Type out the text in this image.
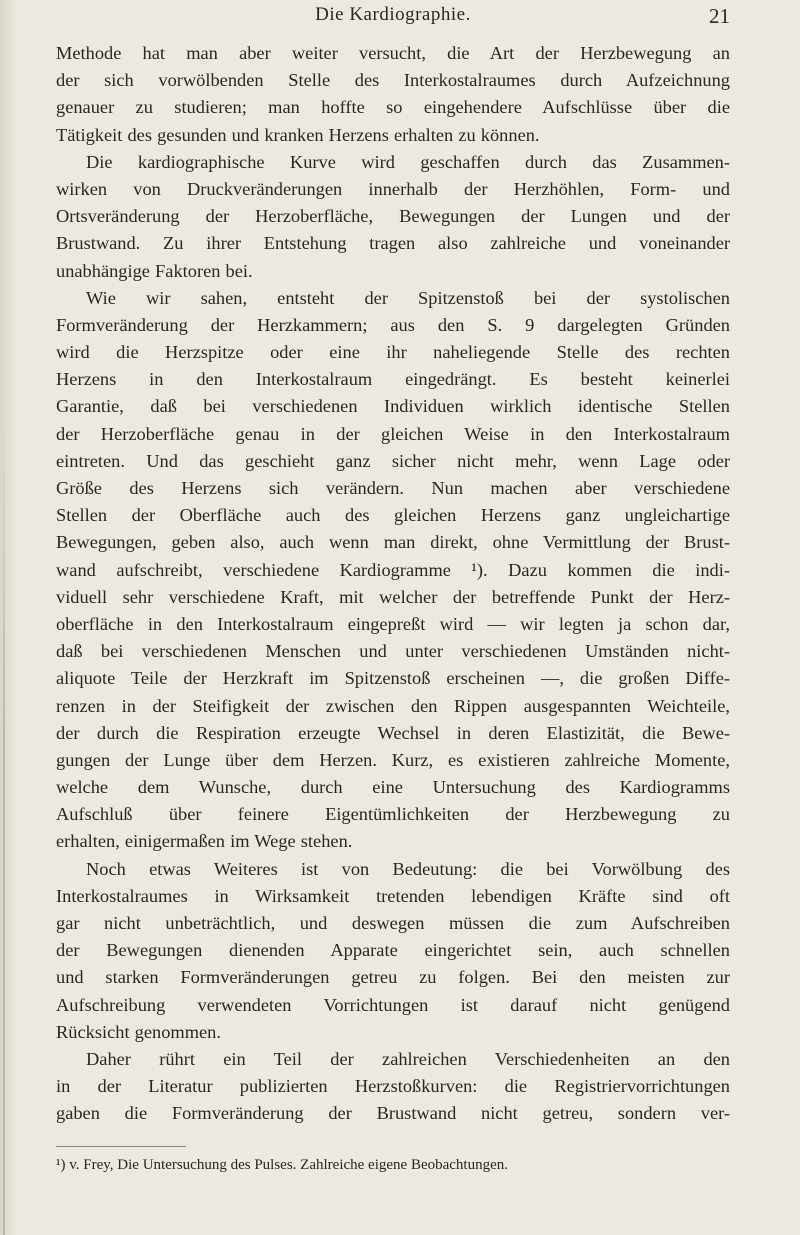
Die Kardiographie.	21
Methode hat man aber weiter versucht, die Art der Herzbewegung an
der sich vorwölbenden Stelle des Interkostalraumes durch Aufzeichnung
genauer zu studieren; man hoffte so eingehendere Aufschlüsse über die
Tätigkeit des gesunden und kranken Herzens erhalten zu können.
Die kardiographische Kurve wird geschaffen durch das Zusammen-
wirken von Druckveränderungen innerhalb der Herzhöhlen, Form- und
Ortsveränderung der Herzoberfläche, Bewegungen der Lungen und der
Brustwand. Zu ihrer Entstehung tragen also zahlreiche und voneinander
unabhängige Faktoren bei.
Wie wir sahen, entsteht der Spitzenstoß bei der systolischen
Formveränderung der Herzkammern; aus den S. 9 dargelegten Gründen
wird die Herzspitze oder eine ihr naheliegende Stelle des rechten
Herzens in den Interkostalraum eingedrängt. Es besteht keinerlei
Garantie, daß bei verschiedenen Individuen wirklich identische Stellen
der Herzoberfläche genau in der gleichen Weise in den Interkostalraum
eintreten. Und das geschieht ganz sicher nicht mehr, wenn Lage oder
Größe des Herzens sich verändern. Nun machen aber verschiedene
Stellen der Oberfläche auch des gleichen Herzens ganz ungleichartige
Bewegungen, geben also, auch wenn man direkt, ohne Vermittlung der Brust-
wand aufschreibt, verschiedene Kardiogramme ¹). Dazu kommen die indi-
viduell sehr verschiedene Kraft, mit welcher der betreffende Punkt der Herz-
oberfläche in den Interkostalraum eingepreßt wird — wir legten ja schon dar,
daß bei verschiedenen Menschen und unter verschiedenen Umständen nicht-
aliquote Teile der Herzkraft im Spitzenstoß erscheinen —, die großen Diffe-
renzen in der Steifigkeit der zwischen den Rippen ausgespannten Weichteile,
der durch die Respiration erzeugte Wechsel in deren Elastizität, die Bewe-
gungen der Lunge über dem Herzen. Kurz, es existieren zahlreiche Momente,
welche dem Wunsche, durch eine Untersuchung des Kardiogramms
Aufschluß über feinere Eigentümlichkeiten der Herzbewegung zu
erhalten, einigermaßen im Wege stehen.
Noch etwas Weiteres ist von Bedeutung: die bei Vorwölbung des
Interkostalraumes in Wirksamkeit tretenden lebendigen Kräfte sind oft
gar nicht unbeträchtlich, und deswegen müssen die zum Aufschreiben
der Bewegungen dienenden Apparate eingerichtet sein, auch schnellen
und starken Formveränderungen getreu zu folgen. Bei den meisten zur
Aufschreibung verwendeten Vorrichtungen ist darauf nicht genügend
Rücksicht genommen.
Daher rührt ein Teil der zahlreichen Verschiedenheiten an den
in der Literatur publizierten Herzstoßkurven: die Registriervorrichtungen
gaben die Formveränderung der Brustwand nicht getreu, sondern ver-
¹) v. Frey, Die Untersuchung des Pulses. Zahlreiche eigene Beobachtungen.
